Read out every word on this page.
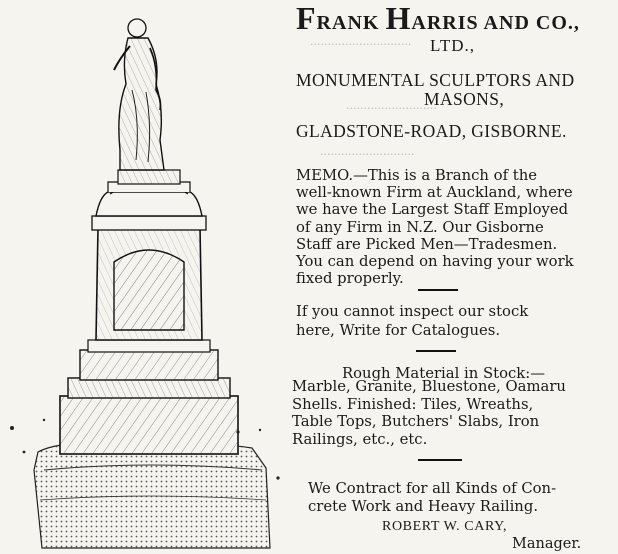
·····························
··························
···························
FRANK HARRIS AND CO.,
LTD.,
MONUMENTAL SCULPTORS AND
MASONS,
GLADSTONE-ROAD, GISBORNE.
MEMO.—This is a Branch of the
well-known Firm at Auckland, where
we have the Largest Staff Employed
of any Firm in N.Z. Our Gisborne
Staff are Picked Men—Tradesmen.
You can depend on having your work
fixed properly.
If you cannot inspect our stock
here, Write for Catalogues.
Rough Material in Stock:—
Marble, Granite, Bluestone, Oamaru
Shells. Finished: Tiles, Wreaths,
Table Tops, Butchers' Slabs, Iron
Railings, etc., etc.
We Contract for all Kinds of Con-
crete Work and Heavy Railing.
ROBERT W. CARY,
Manager.
